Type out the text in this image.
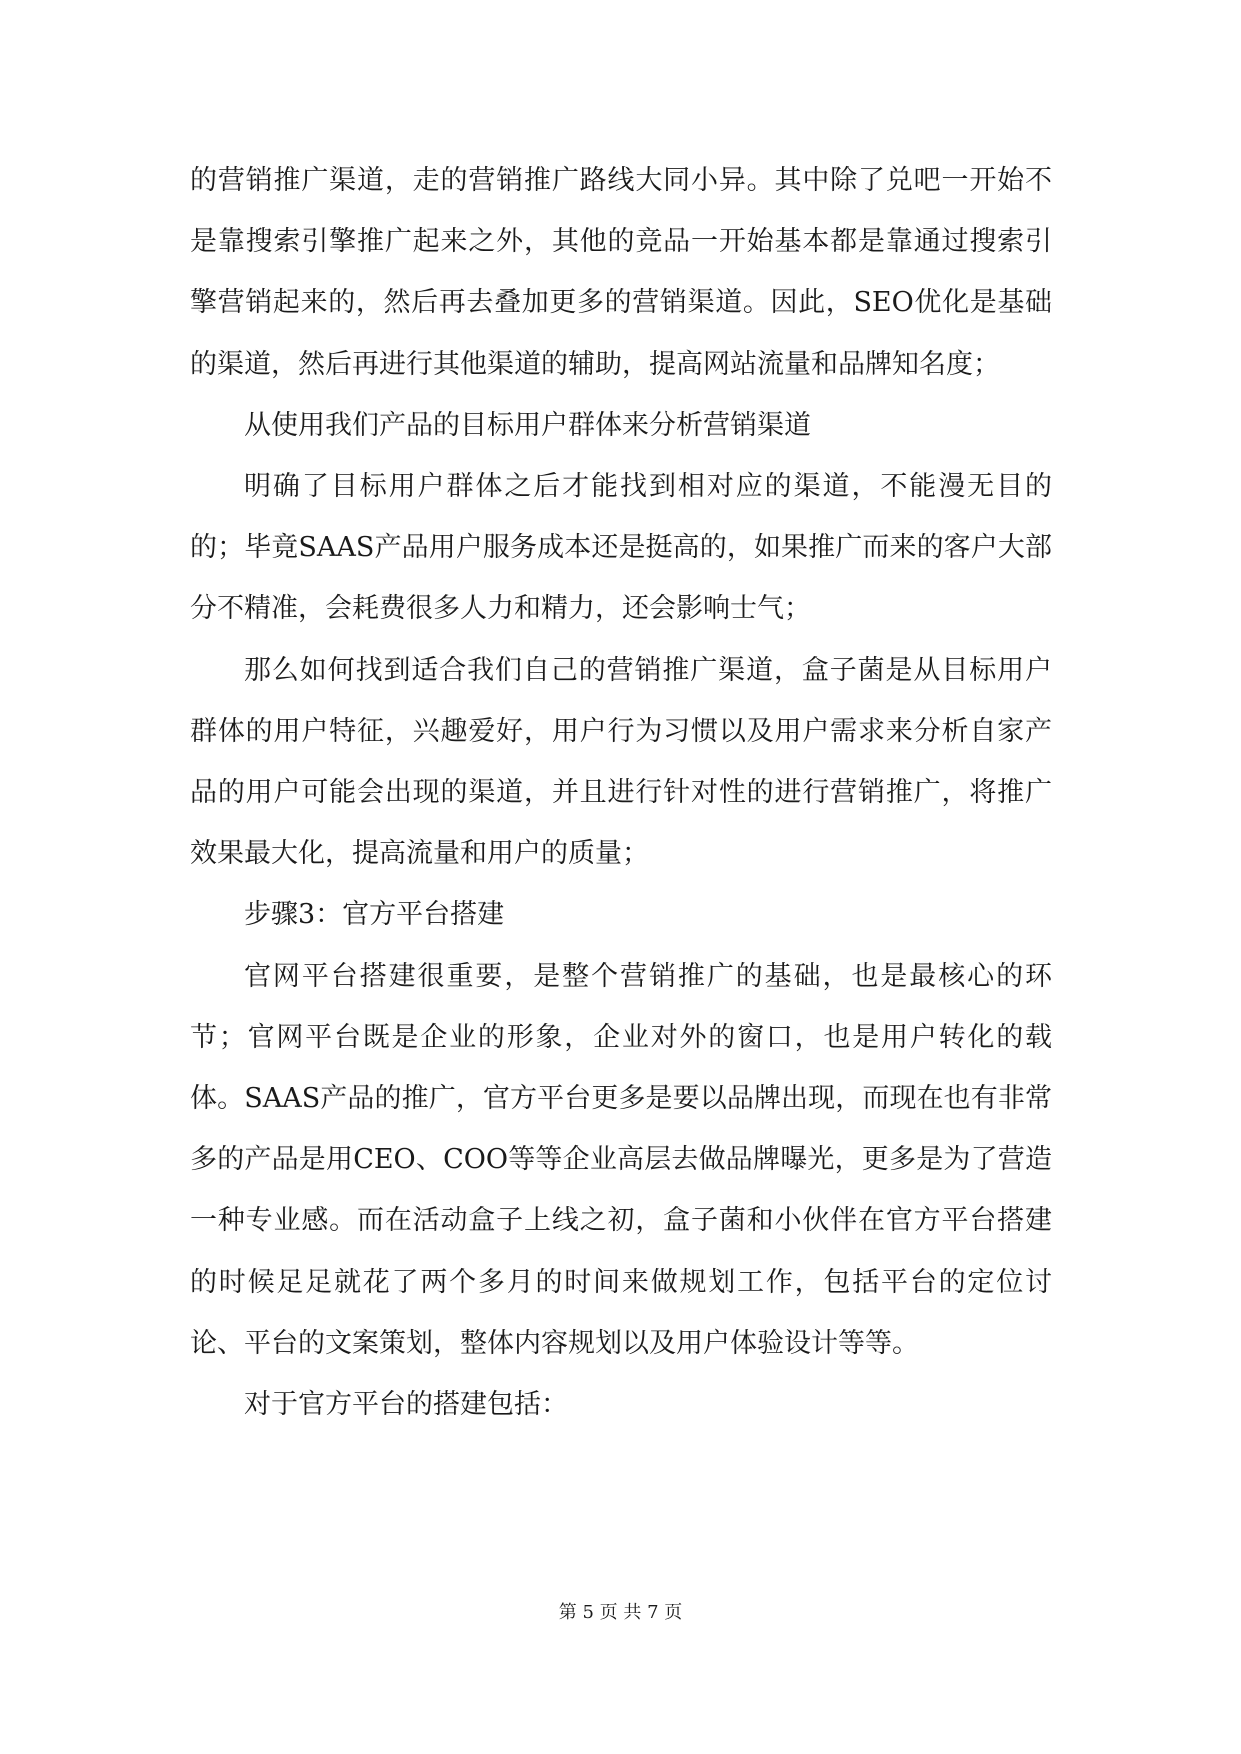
的营销推广渠道，走的营销推广路线大同小异。其中除了兑吧一开始不是靠搜索引擎推广起来之外，其他的竞品一开始基本都是靠通过搜索引擎营销起来的，然后再去叠加更多的营销渠道。因此，SEO优化是基础的渠道，然后再进行其他渠道的辅助，提高网站流量和品牌知名度；

从使用我们产品的目标用户群体来分析营销渠道

明确了目标用户群体之后才能找到相对应的渠道，不能漫无目的的；毕竟SAAS产品用户服务成本还是挺高的，如果推广而来的客户大部分不精准，会耗费很多人力和精力，还会影响士气；

那么如何找到适合我们自己的营销推广渠道，盒子菌是从目标用户群体的用户特征，兴趣爱好，用户行为习惯以及用户需求来分析自家产品的用户可能会出现的渠道，并且进行针对性的进行营销推广，将推广效果最大化，提高流量和用户的质量；

步骤3：官方平台搭建

官网平台搭建很重要，是整个营销推广的基础，也是最核心的环节；官网平台既是企业的形象，企业对外的窗口，也是用户转化的载体。SAAS产品的推广，官方平台更多是要以品牌出现，而现在也有非常多的产品是用CEO、COO等等企业高层去做品牌曝光，更多是为了营造一种专业感。而在活动盒子上线之初，盒子菌和小伙伴在官方平台搭建的时候足足就花了两个多月的时间来做规划工作，包括平台的定位讨论、平台的文案策划，整体内容规划以及用户体验设计等等。

对于官方平台的搭建包括：

第 5 页 共 7 页
